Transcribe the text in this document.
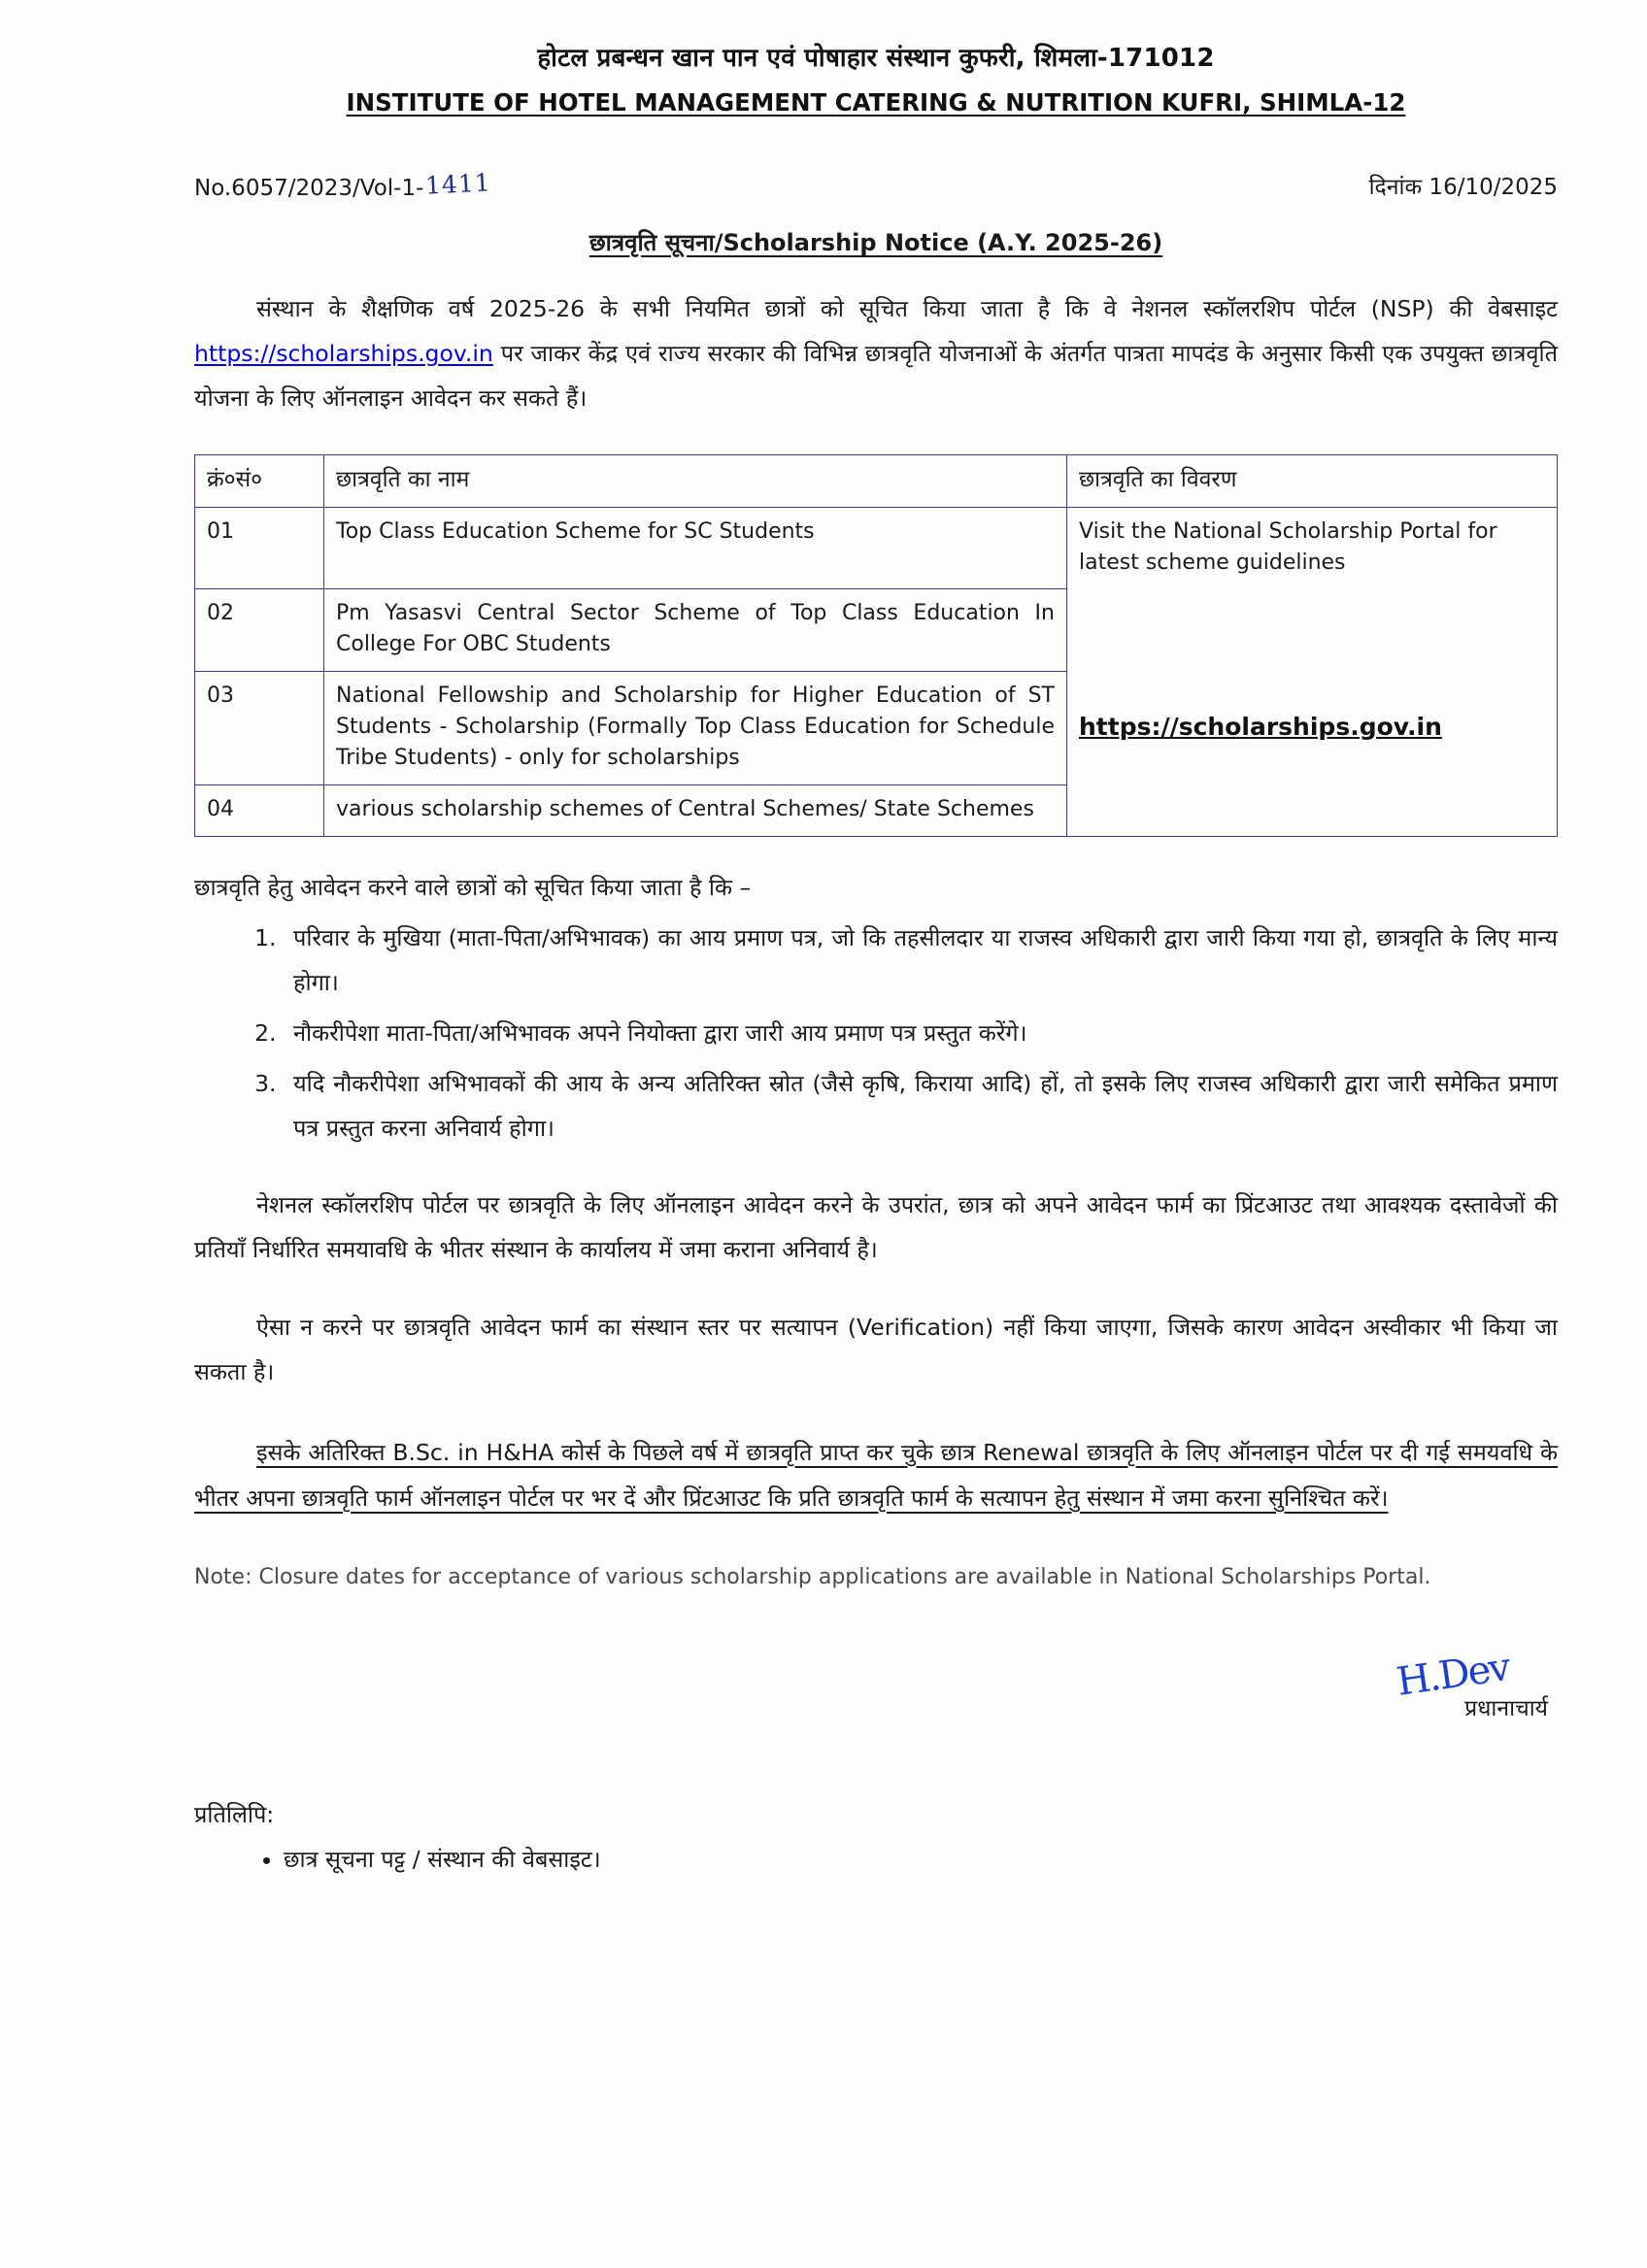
होटल प्रबन्धन खान पान एवं पोषाहार संस्थान कुफरी, शिमला-171012
INSTITUTE OF HOTEL MANAGEMENT CATERING & NUTRITION KUFRI, SHIMLA-12
No.6057/2023/Vol-1- 1411	दिनांक 16/10/2025
छात्रवृति सूचना/Scholarship Notice (A.Y. 2025-26)
संस्थान के शैक्षणिक वर्ष 2025-26 के सभी नियमित छात्रों को सूचित किया जाता है कि वे नेशनल स्कॉलरशिप पोर्टल (NSP) की वेबसाइट https://scholarships.gov.in पर जाकर केंद्र एवं राज्य सरकार की विभिन्न छात्रवृति योजनाओं के अंतर्गत पात्रता मापदंड के अनुसार किसी एक उपयुक्त छात्रवृति योजना के लिए ऑनलाइन आवेदन कर सकते हैं।
क्रं०सं०	छात्रवृति का नाम	छात्रवृति का विवरण
01	Top Class Education Scheme for SC Students	Visit the National Scholarship Portal for latest scheme guidelines
02	Pm Yasasvi Central Sector Scheme of Top Class Education In College For OBC Students	
03	National Fellowship and Scholarship for Higher Education of ST Students - Scholarship (Formally Top Class Education for Schedule Tribe Students) - only for scholarships	https://scholarships.gov.in

04	various scholarship schemes of Central Schemes/ State Schemes	
छात्रवृति हेतु आवेदन करने वाले छात्रों को सूचित किया जाता है कि –
1. परिवार के मुखिया (माता-पिता/अभिभावक) का आय प्रमाण पत्र, जो कि तहसीलदार या राजस्व अधिकारी द्वारा जारी किया गया हो, छात्रवृति के लिए मान्य होगा।
2. नौकरीपेशा माता-पिता/अभिभावक अपने नियोक्ता द्वारा जारी आय प्रमाण पत्र प्रस्तुत करेंगे।
3. यदि नौकरीपेशा अभिभावकों की आय के अन्य अतिरिक्त स्रोत (जैसे कृषि, किराया आदि) हों, तो इसके लिए राजस्व अधिकारी द्वारा जारी समेकित प्रमाण पत्र प्रस्तुत करना अनिवार्य होगा।
नेशनल स्कॉलरशिप पोर्टल पर छात्रवृति के लिए ऑनलाइन आवेदन करने के उपरांत, छात्र को अपने आवेदन फार्म का प्रिंटआउट तथा आवश्यक दस्तावेजों की प्रतियाँ निर्धारित समयावधि के भीतर संस्थान के कार्यालय में जमा कराना अनिवार्य है।
ऐसा न करने पर छात्रवृति आवेदन फार्म का संस्थान स्तर पर सत्यापन (Verification) नहीं किया जाएगा, जिसके कारण आवेदन अस्वीकार भी किया जा सकता है।
इसके अतिरिक्त B.Sc. in H&HA कोर्स के पिछले वर्ष में छात्रवृति प्राप्त कर चुके छात्र Renewal छात्रवृति के लिए ऑनलाइन पोर्टल पर दी गई समयवधि के भीतर अपना छात्रवृति फार्म ऑनलाइन पोर्टल पर भर दें और प्रिंटआउट कि प्रति छात्रवृति फार्म के सत्यापन हेतु संस्थान में जमा करना सुनिश्चित करें।
Note: Closure dates for acceptance of various scholarship applications are available in National Scholarships Portal.
H.Dev
प्रधानाचार्य
प्रतिलिपि:
• छात्र सूचना पट्ट / संस्थान की वेबसाइट।
